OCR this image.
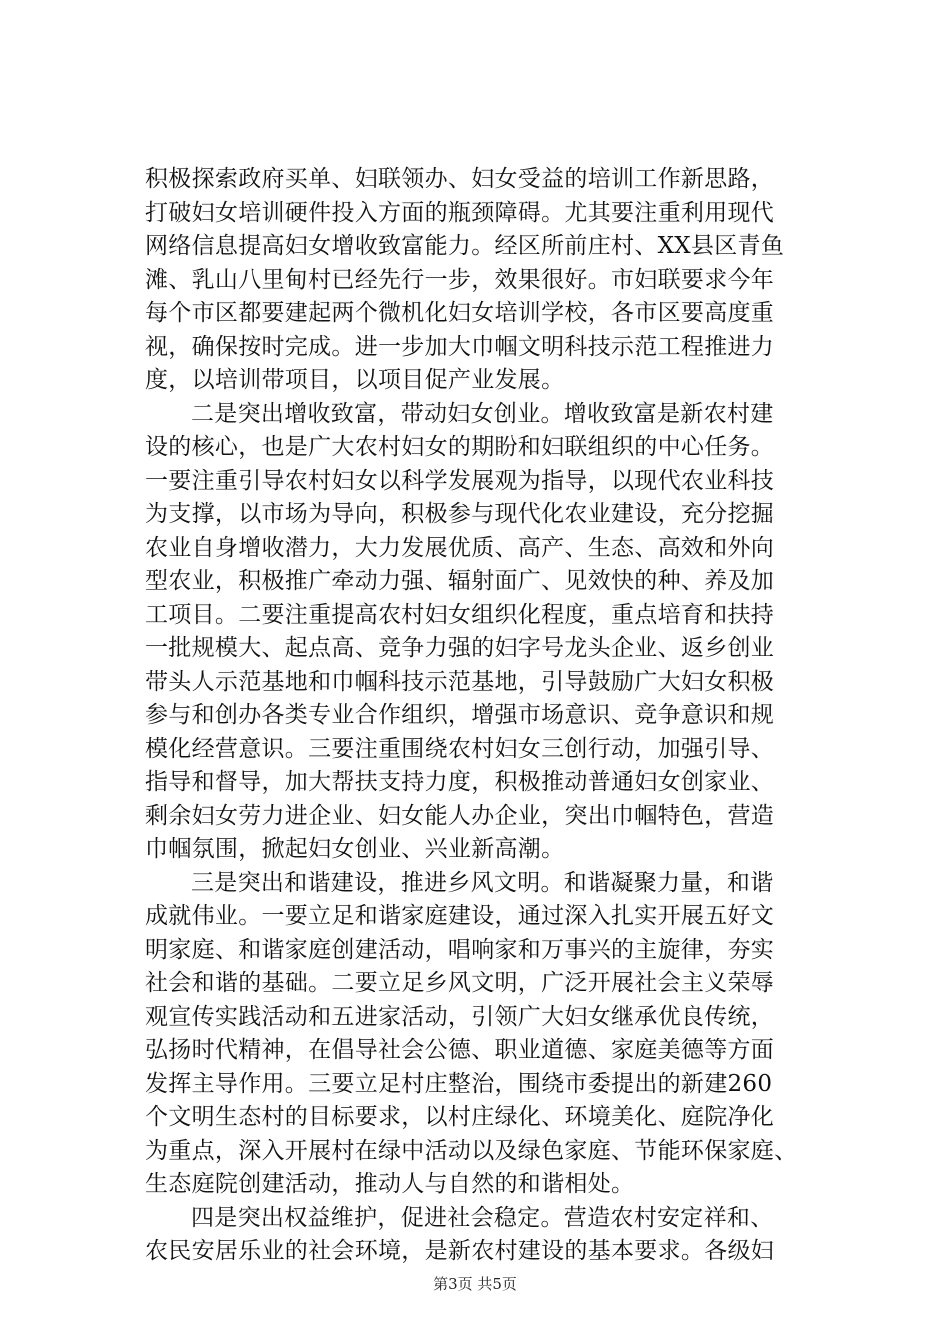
积极探索政府买单、妇联领办、妇女受益的培训工作新思路，
打破妇女培训硬件投入方面的瓶颈障碍。尤其要注重利用现代
网络信息提高妇女增收致富能力。经区所前庄村、XX县区青鱼
滩、乳山八里甸村已经先行一步，效果很好。市妇联要求今年
每个市区都要建起两个微机化妇女培训学校，各市区要高度重
视，确保按时完成。进一步加大巾帼文明科技示范工程推进力
度，以培训带项目，以项目促产业发展。
二是突出增收致富，带动妇女创业。增收致富是新农村建
设的核心，也是广大农村妇女的期盼和妇联组织的中心任务。
一要注重引导农村妇女以科学发展观为指导，以现代农业科技
为支撑，以市场为导向，积极参与现代化农业建设，充分挖掘
农业自身增收潜力，大力发展优质、高产、生态、高效和外向
型农业，积极推广牵动力强、辐射面广、见效快的种、养及加
工项目。二要注重提高农村妇女组织化程度，重点培育和扶持
一批规模大、起点高、竞争力强的妇字号龙头企业、返乡创业
带头人示范基地和巾帼科技示范基地，引导鼓励广大妇女积极
参与和创办各类专业合作组织，增强市场意识、竞争意识和规
模化经营意识。三要注重围绕农村妇女三创行动，加强引导、
指导和督导，加大帮扶支持力度，积极推动普通妇女创家业、
剩余妇女劳力进企业、妇女能人办企业，突出巾帼特色，营造
巾帼氛围，掀起妇女创业、兴业新高潮。
三是突出和谐建设，推进乡风文明。和谐凝聚力量，和谐
成就伟业。一要立足和谐家庭建设，通过深入扎实开展五好文
明家庭、和谐家庭创建活动，唱响家和万事兴的主旋律，夯实
社会和谐的基础。二要立足乡风文明，广泛开展社会主义荣辱
观宣传实践活动和五进家活动，引领广大妇女继承优良传统，
弘扬时代精神，在倡导社会公德、职业道德、家庭美德等方面
发挥主导作用。三要立足村庄整治，围绕市委提出的新建260
个文明生态村的目标要求，以村庄绿化、环境美化、庭院净化
为重点，深入开展村在绿中活动以及绿色家庭、节能环保家庭、
生态庭院创建活动，推动人与自然的和谐相处。
四是突出权益维护，促进社会稳定。营造农村安定祥和、
农民安居乐业的社会环境，是新农村建设的基本要求。各级妇
第3页 共5页
